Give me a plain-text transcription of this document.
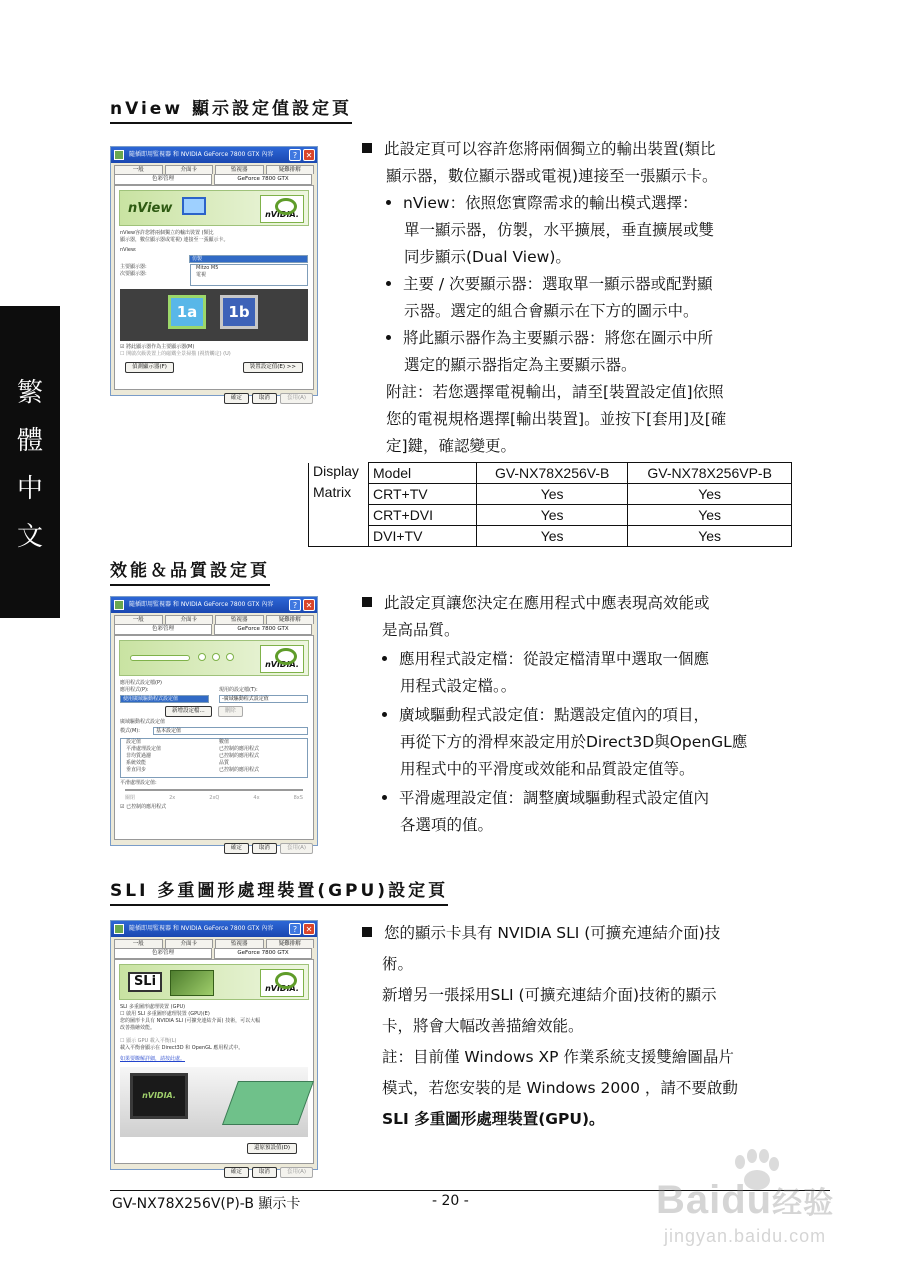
繁
體
中
文
nView 顯示設定值設定頁
隨插即用監視器 和 NVIDIA GeForce 7800 GTX 內容	?	✕
一般	介面卡	監視器	疑難排解
色彩管理	GeForce 7800 GTX
nView	nVIDIA.
nView容許您將兩個獨立的輸出裝置 (類比
顯示器，數位顯示器或電視) 連接至一張顯示卡。
nView:
仿製
主要顯示器:
次要顯示器:
Mitzo M5
電視
1a	1b
☑ 將此顯示器作為主要顯示器(M)
☐ 開啟次級裝置上的磁鐵全景掃描 (視情觸定) (U)
偵測顯示器(F)	裝置設定值(E) >>
確定	取消	套用(A)
此設定頁可以容許您將兩個獨立的輸出裝置(類比
顯示器，數位顯示器或電視)連接至一張顯示卡。
nView：依照您實際需求的輸出模式選擇：
單一顯示器，仿製，水平擴展，垂直擴展或雙
同步顯示(Dual View)。
主要 / 次要顯示器：選取單一顯示器或配對顯
示器。選定的組合會顯示在下方的圖示中。
將此顯示器作為主要顯示器：將您在圖示中所
選定的顯示器指定為主要顯示器。
附註：若您選擇電視輸出，請至[裝置設定值]依照
您的電視規格選擇[輸出裝置]。並按下[套用]及[確
定]鍵，確認變更。
Display	Model	GV-NX78X256V-B	GV-NX78X256VP-B
Matrix	CRT+TV	Yes	Yes
	CRT+DVI	Yes	Yes
	DVI+TV	Yes	Yes
效能＆品質設定頁
隨插即用監視器 和 NVIDIA GeForce 7800 GTX 內容	?	✕
一般	介面卡	監視器	疑難排解
色彩管理	GeForce 7800 GTX
nVIDIA.
應用程式設定檔(P)
應用程式(P):
使用廣域驅動程式設定值
現用的設定檔(T):
-廣域驅動程式設定值
新增設定檔...	刪除
廣域驅動程式設定值
模式(M):	基本設定值
設定值	數值
平滑處理設定值	已控制的應用程式
非均質過濾	已控制的應用程式
系統效能	品質
垂直同步	已控制的應用程式
平滑處理設定值:
關閉	2x	2xQ	4x	8xS
☑ 已控制的應用程式
確定	取消	套用(A)
此設定頁讓您決定在應用程式中應表現高效能或
是高品質。
應用程式設定檔：從設定檔清單中選取一個應
用程式設定檔。。
廣域驅動程式設定值：點選設定值內的項目，
再從下方的滑桿來設定用於Direct3D與OpenGL應
用程式中的平滑度或效能和品質設定值等。
平滑處理設定值：調整廣域驅動程式設定值內
各選項的值。
SLI 多重圖形處理裝置(GPU)設定頁
隨插即用監視器 和 NVIDIA GeForce 7800 GTX 內容	?	✕
一般	介面卡	監視器	疑難排解
色彩管理	GeForce 7800 GTX
SLi	nVIDIA.
SLI 多重圖形處理裝置 (GPU)
☐ 啟用 SLI 多重圖形處理裝置 (GPU)(E)
您的圖形卡具有 NVIDIA SLI (可擴充連結介面) 技術，可以大幅
改善描繪效能。
☐ 顯示 GPU 載入平衡(L)
載入平衡會顯示在 Direct3D 和 OpenGL 應用程式中。
如果要瞭解詳細，請按此處。
nVIDIA.
還原預設值(D)
確定	取消	套用(A)
您的顯示卡具有 NVIDIA SLI (可擴充連結介面)技
術。
新增另一張採用SLI (可擴充連結介面)技術的顯示
卡，將會大幅改善描繪效能。
註：目前僅 Windows XP 作業系統支援雙繪圖晶片
模式，若您安裝的是 Windows 2000 ，請不要啟動
SLI 多重圖形處理裝置(GPU)。
GV-NX78X256V(P)-B 顯示卡	- 20 -	Baidu经验
jingyan.baidu.com
